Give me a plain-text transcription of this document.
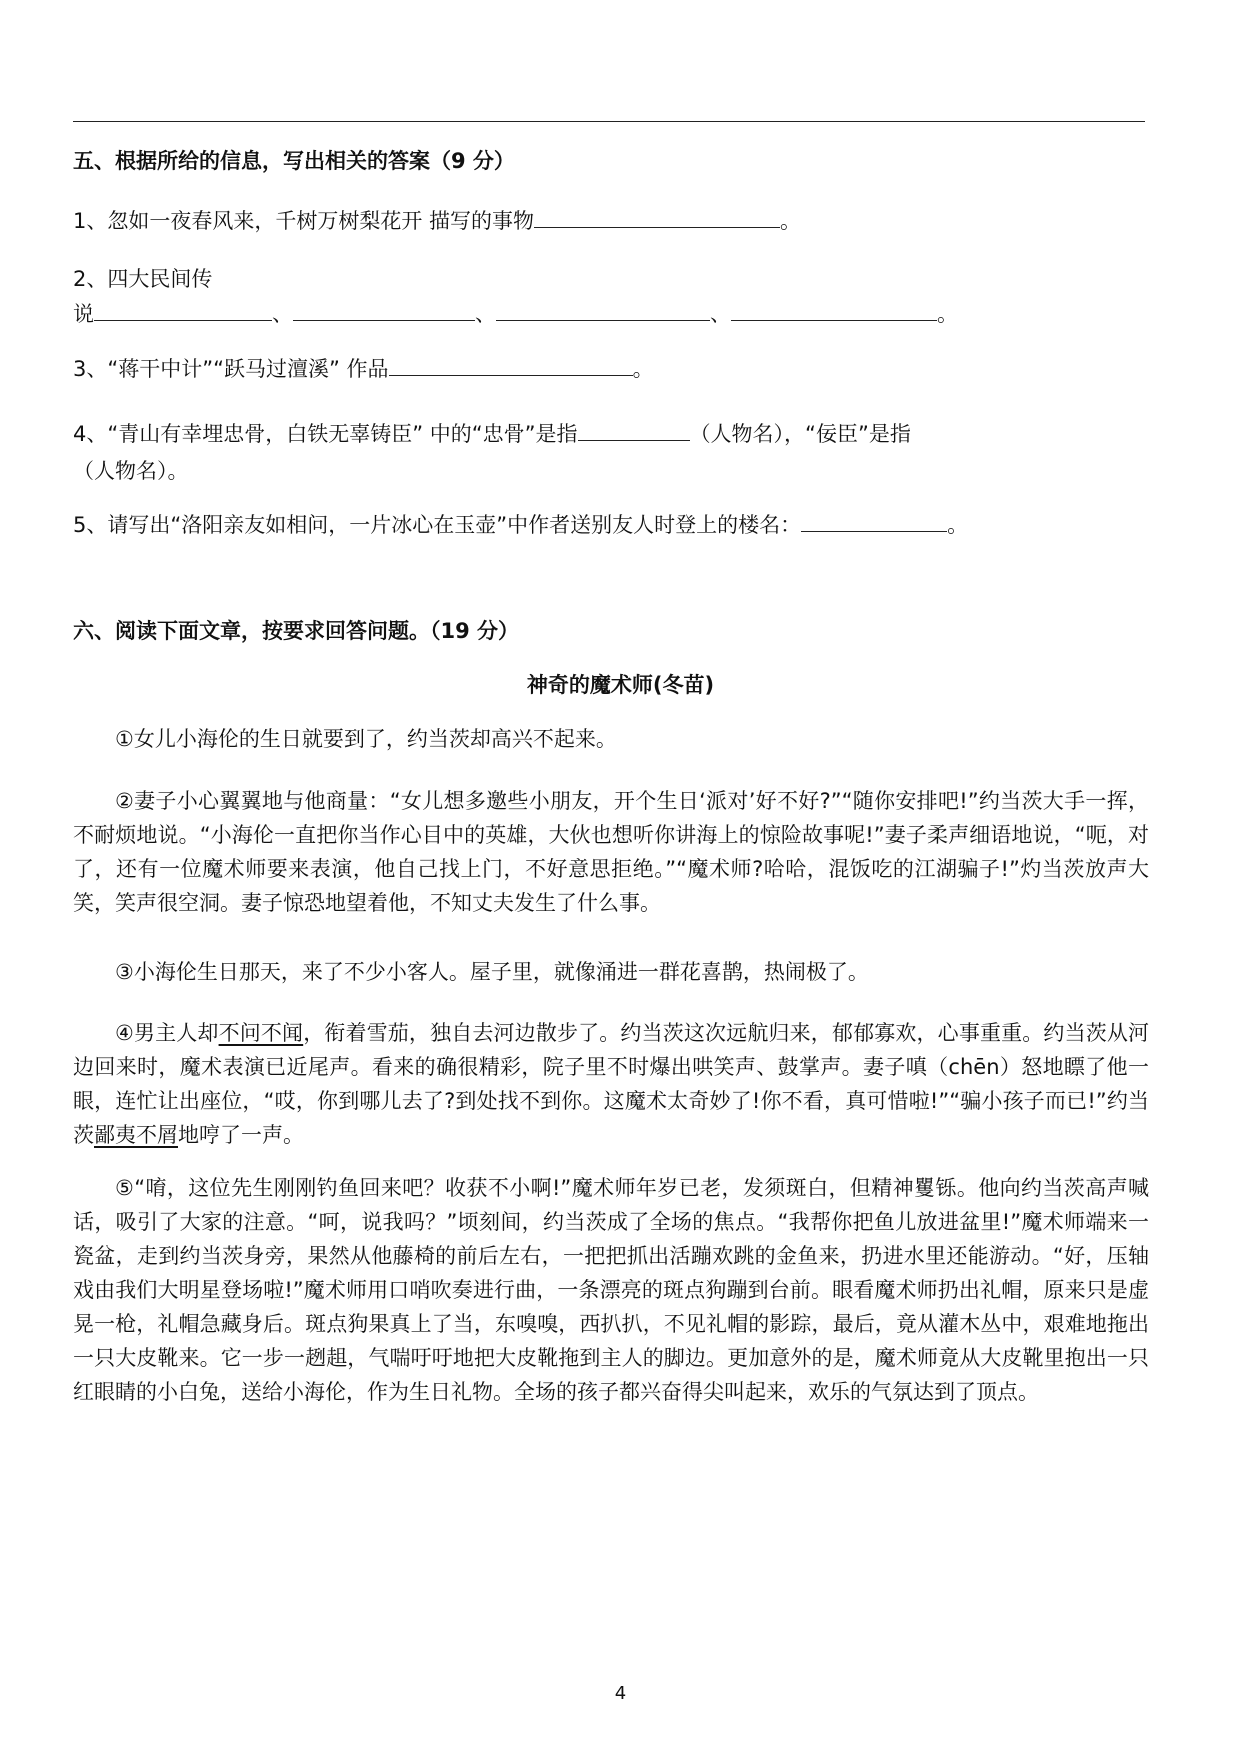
五、根据所给的信息，写出相关的答案（9 分）
1、忽如一夜春风来，千树万树梨花开 描写的事物	。
2、四大民间传
说	、	、	、	。
3、“蒋干中计”“跃马过澶溪” 作品	。
4、“青山有幸埋忠骨，白铁无辜铸臣” 中的“忠骨”是指	（人物名），“佞臣”是指
（人物名）。
5、请写出“洛阳亲友如相问，一片冰心在玉壶”中作者送别友人时登上的楼名：	。
六、阅读下面文章，按要求回答问题。（19 分）
神奇的魔术师(冬苗)
①女儿小海伦的生日就要到了，约当茨却高兴不起来。
②妻子小心翼翼地与他商量：“女儿想多邀些小朋友，开个生日‘派对’好不好?”“随你安排吧!”约当茨大手一挥，不耐烦地说。“小海伦一直把你当作心目中的英雄，大伙也想听你讲海上的惊险故事呢!”妻子柔声细语地说，“呃，对了，还有一位魔术师要来表演，他自己找上门，不好意思拒绝。”“魔术师?哈哈，混饭吃的江湖骗子!”灼当茨放声大笑，笑声很空洞。妻子惊恐地望着他，不知丈夫发生了什么事。
③小海伦生日那天，来了不少小客人。屋子里，就像涌进一群花喜鹊，热闹极了。
④男主人却不问不闻，衔着雪茄，独自去河边散步了。约当茨这次远航归来，郁郁寡欢，心事重重。约当茨从河边回来时，魔术表演已近尾声。看来的确很精彩，院子里不时爆出哄笑声、鼓掌声。妻子嗔（chēn）怒地瞟了他一眼，连忙让出座位，“哎，你到哪儿去了?到处找不到你。这魔术太奇妙了!你不看，真可惜啦!”“骗小孩子而已!”约当茨鄙夷不屑地哼了一声。
⑤“唷，这位先生刚刚钓鱼回来吧？收获不小啊!”魔术师年岁已老，发须斑白，但精神矍铄。他向约当茨高声喊话，吸引了大家的注意。“呵，说我吗？”顷刻间，约当茨成了全场的焦点。“我帮你把鱼儿放进盆里!”魔术师端来一瓷盆，走到约当茨身旁，果然从他藤椅的前后左右，一把把抓出活蹦欢跳的金鱼来，扔进水里还能游动。“好，压轴戏由我们大明星登场啦!”魔术师用口哨吹奏进行曲，一条漂亮的斑点狗蹦到台前。眼看魔术师扔出礼帽，原来只是虚晃一枪，礼帽急藏身后。斑点狗果真上了当，东嗅嗅，西扒扒，不见礼帽的影踪，最后，竟从灌木丛中，艰难地拖出一只大皮靴来。它一步一趔趄，气喘吁吁地把大皮靴拖到主人的脚边。更加意外的是，魔术师竟从大皮靴里抱出一只红眼睛的小白兔，送给小海伦，作为生日礼物。全场的孩子都兴奋得尖叫起来，欢乐的气氛达到了顶点。
4
